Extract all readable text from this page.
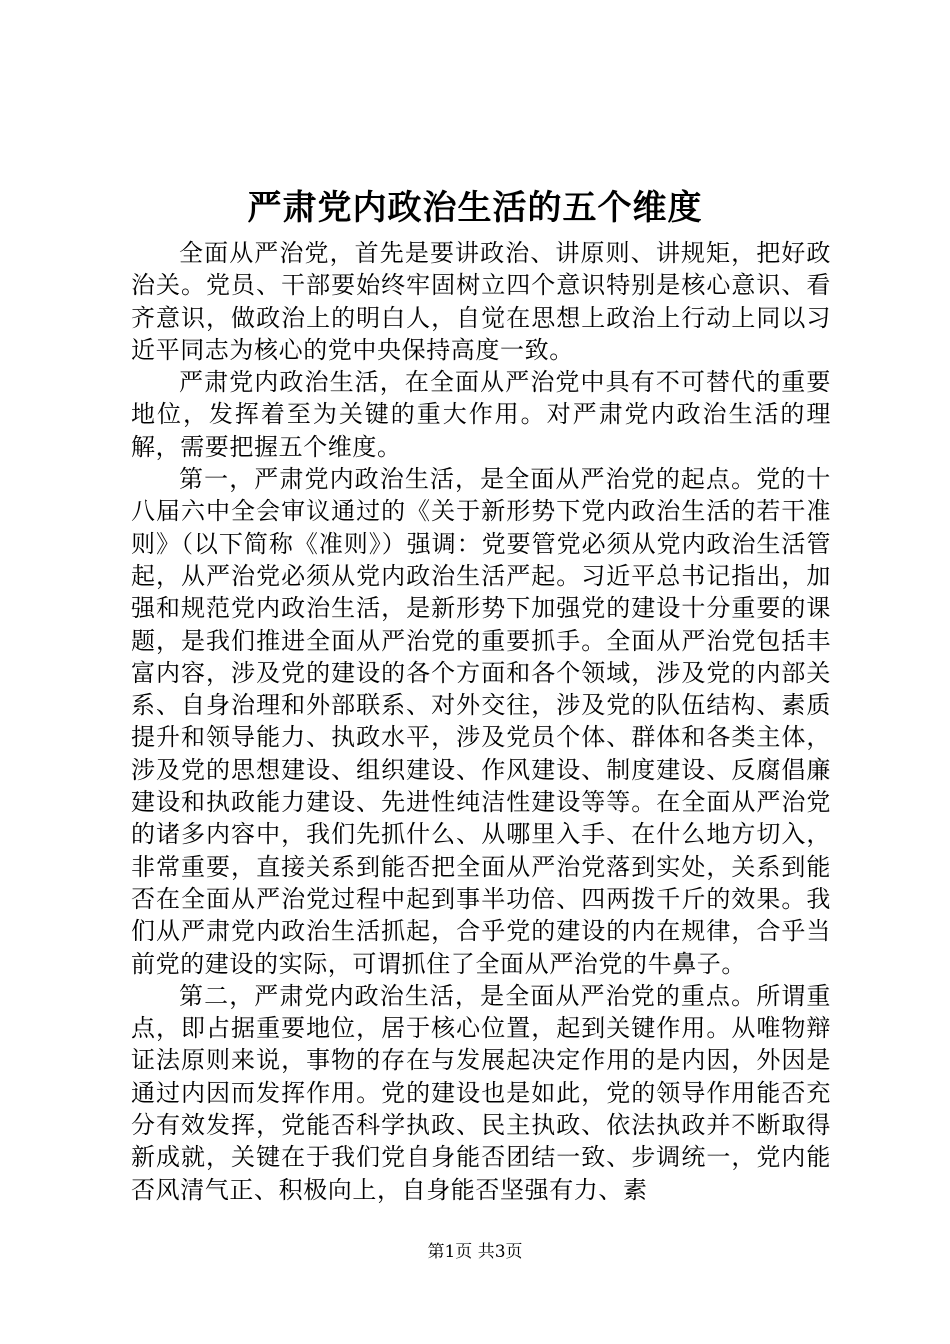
严肃党内政治生活的五个维度

全面从严治党，首先是要讲政治、讲原则、讲规矩，把好政治关。党员、干部要始终牢固树立四个意识特别是核心意识、看齐意识，做政治上的明白人，自觉在思想上政治上行动上同以习近平同志为核心的党中央保持高度一致。

严肃党内政治生活，在全面从严治党中具有不可替代的重要地位，发挥着至为关键的重大作用。对严肃党内政治生活的理解，需要把握五个维度。

第一，严肃党内政治生活，是全面从严治党的起点。党的十八届六中全会审议通过的《关于新形势下党内政治生活的若干准则》（以下简称《准则》）强调：党要管党必须从党内政治生活管起，从严治党必须从党内政治生活严起。习近平总书记指出，加强和规范党内政治生活，是新形势下加强党的建设十分重要的课题，是我们推进全面从严治党的重要抓手。全面从严治党包括丰富内容，涉及党的建设的各个方面和各个领域，涉及党的内部关系、自身治理和外部联系、对外交往，涉及党的队伍结构、素质提升和领导能力、执政水平，涉及党员个体、群体和各类主体，涉及党的思想建设、组织建设、作风建设、制度建设、反腐倡廉建设和执政能力建设、先进性纯洁性建设等等。在全面从严治党的诸多内容中，我们先抓什么、从哪里入手、在什么地方切入，非常重要，直接关系到能否把全面从严治党落到实处，关系到能否在全面从严治党过程中起到事半功倍、四两拨千斤的效果。我们从严肃党内政治生活抓起，合乎党的建设的内在规律，合乎当前党的建设的实际，可谓抓住了全面从严治党的牛鼻子。

第二，严肃党内政治生活，是全面从严治党的重点。所谓重点，即占据重要地位，居于核心位置，起到关键作用。从唯物辩证法原则来说，事物的存在与发展起决定作用的是内因，外因是通过内因而发挥作用。党的建设也是如此，党的领导作用能否充分有效发挥，党能否科学执政、民主执政、依法执政并不断取得新成就，关键在于我们党自身能否团结一致、步调统一，党内能否风清气正、积极向上，自身能否坚强有力、素

第1页 共3页
